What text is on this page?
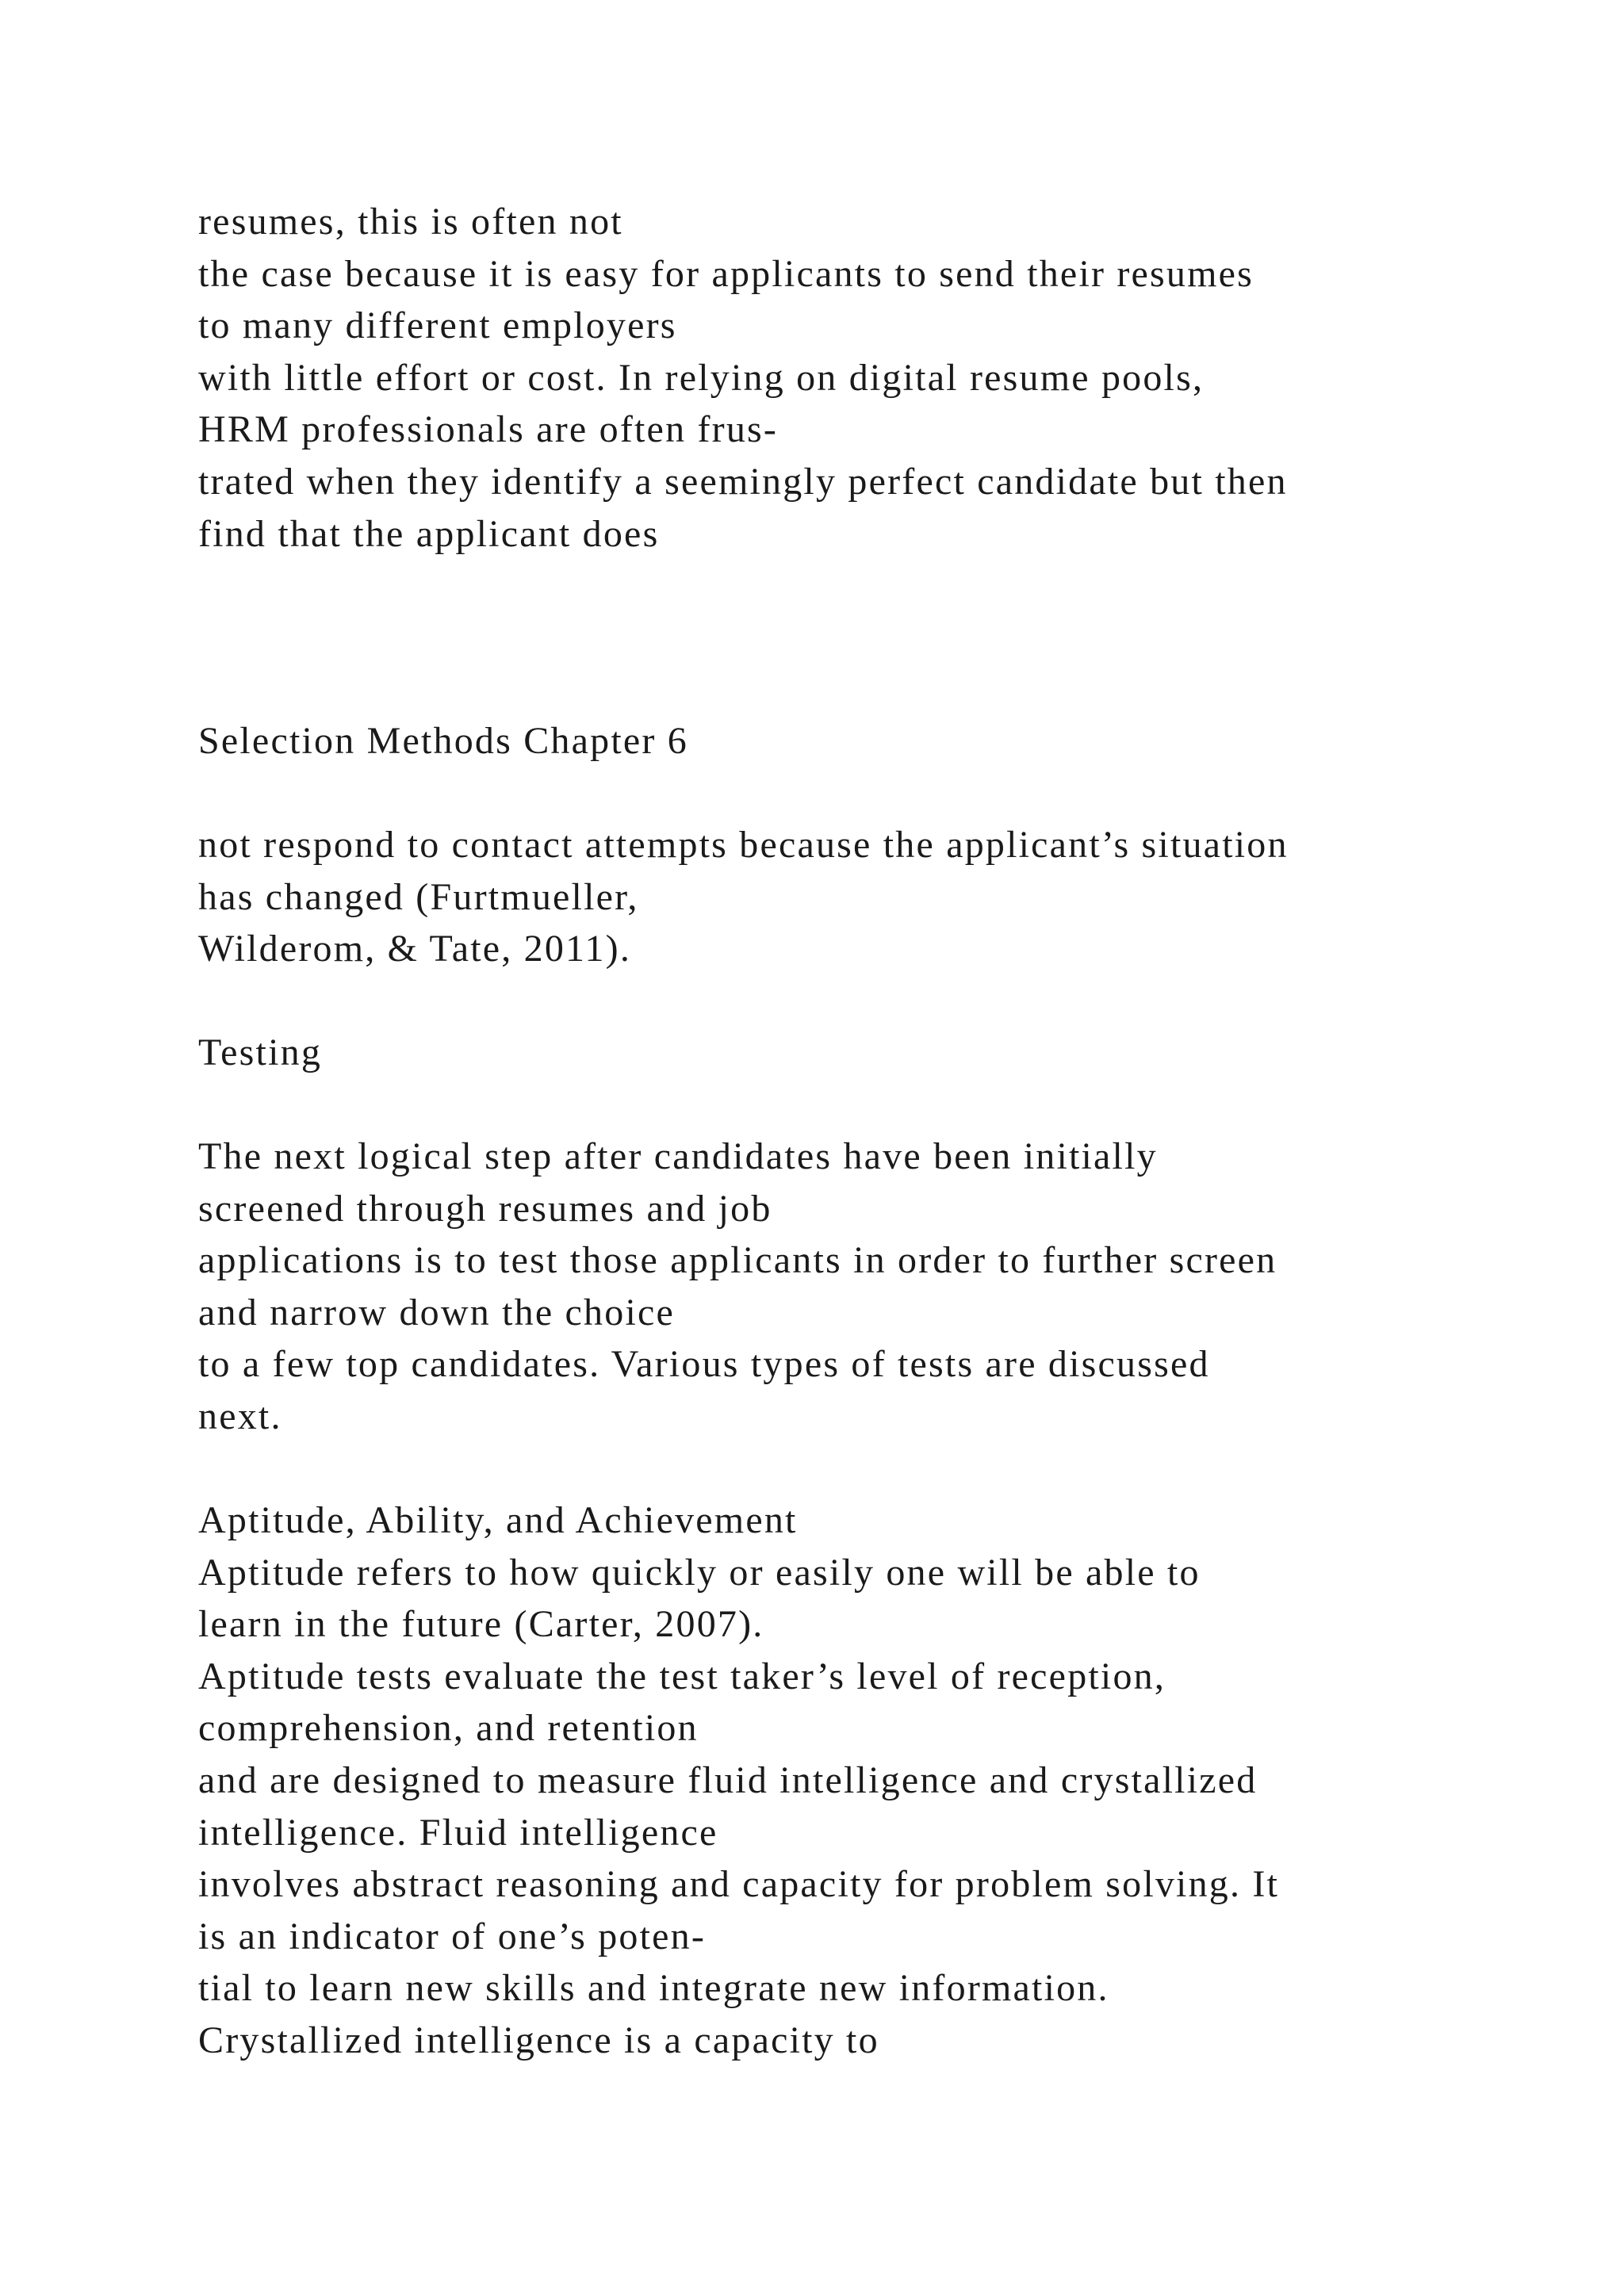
resumes, this is often not
the case because it is easy for applicants to send their resumes
to many different employers
with little effort or cost. In relying on digital resume pools,
HRM professionals are often frus-
trated when they identify a seemingly perfect candidate but then
find that the applicant does
Selection Methods Chapter 6
not respond to contact attempts because the applicant’s situation
has changed (Furtmueller,
Wilderom, & Tate, 2011).
Testing
The next logical step after candidates have been initially
screened through resumes and job
applications is to test those applicants in order to further screen
and narrow down the choice
to a few top candidates. Various types of tests are discussed
next.
Aptitude, Ability, and Achievement
Aptitude refers to how quickly or easily one will be able to
learn in the future (Carter, 2007).
Aptitude tests evaluate the test taker’s level of reception,
comprehension, and retention
and are designed to measure fluid intelligence and crystallized
intelligence. Fluid intelligence
involves abstract reasoning and capacity for problem solving. It
is an indicator of one’s poten-
tial to learn new skills and integrate new information.
Crystallized intelligence is a capacity to
